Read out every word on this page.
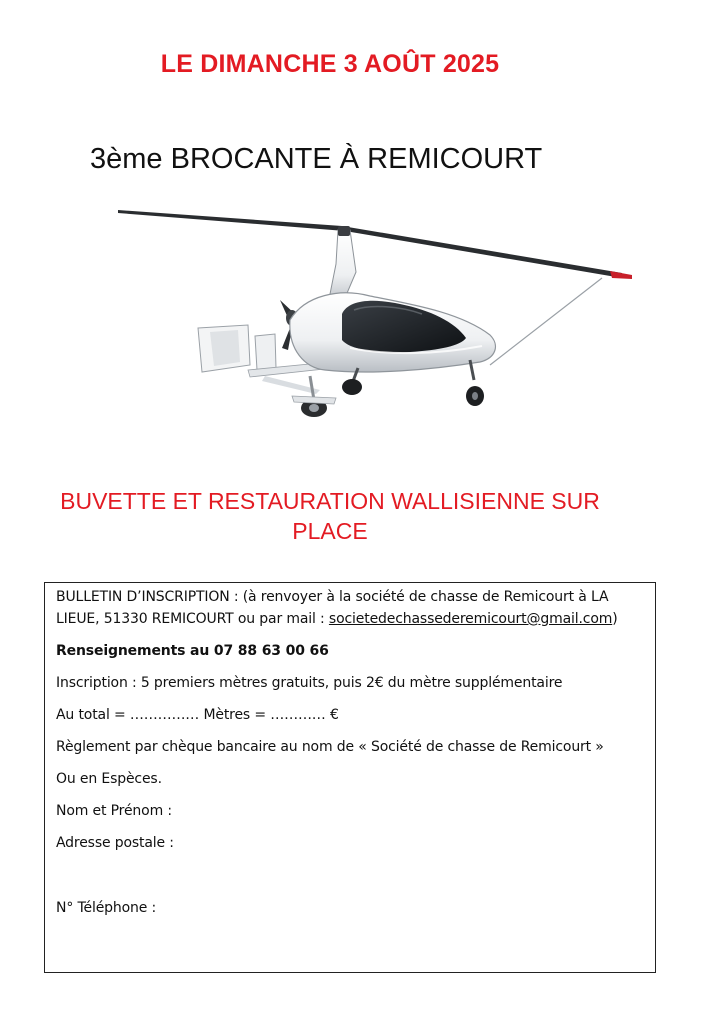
LE DIMANCHE 3 AOÛT 2025
3ème BROCANTE À REMICOURT
BUVETTE ET RESTAURATION WALLISIENNE SUR
PLACE
BULLETIN D’INSCRIPTION : (à renvoyer à la société de chasse de Remicourt à LA
LIEUE, 51330 REMICOURT ou par mail : societedechassederemicourt@gmail.com)
Renseignements au 07 88 63 00 66
Inscription : 5 premiers mètres gratuits, puis 2€ du mètre supplémentaire
Au total = …………… Mètres = ………… €
Règlement par chèque bancaire au nom de « Société de chasse de Remicourt »
Ou en Espèces.
Nom et Prénom :
Adresse postale :
N° Téléphone :
